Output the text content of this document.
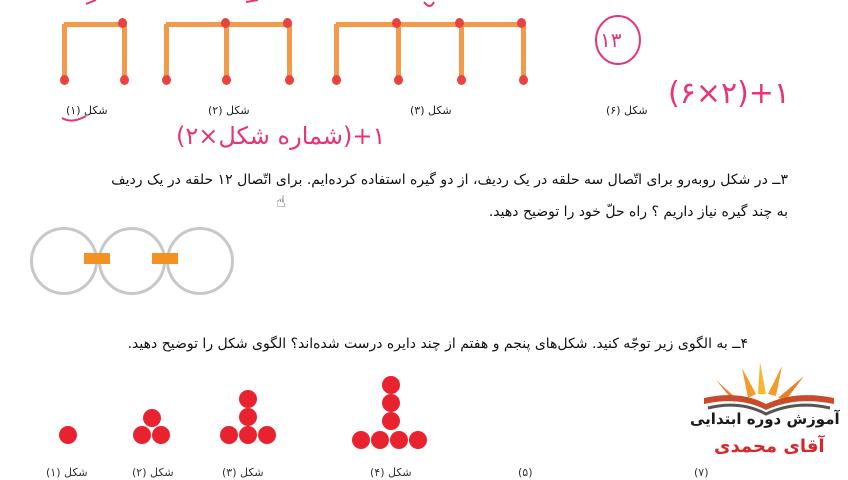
شکل (۱)	شکل (۲)	شکل (۳)	شکل (۶)
۱۳
(۶×۲)+۱
(۲×شماره شکل)+۱
۳ــ در شکل روبه‌رو برای اتّصال سه حلقه در یک ردیف، از دو گیره استفاده کرده‌ایم. برای اتّصال ۱۲ حلقه در یک ردیف
به چند گیره نیاز داریم ؟ راه حلّ خود را توضیح دهید.
☝
۴ــ به الگوی زیر توجّه کنید. شکل‌های پنجم و هفتم از چند دایره درست شده‌اند؟ الگوی شکل را توضیح دهید.
شکل (۱)	شکل (۲)	شکل (۳)	شکل (۴)	(۵)	(۷)
آموزش دوره ابتدایی
آقای محمدی
